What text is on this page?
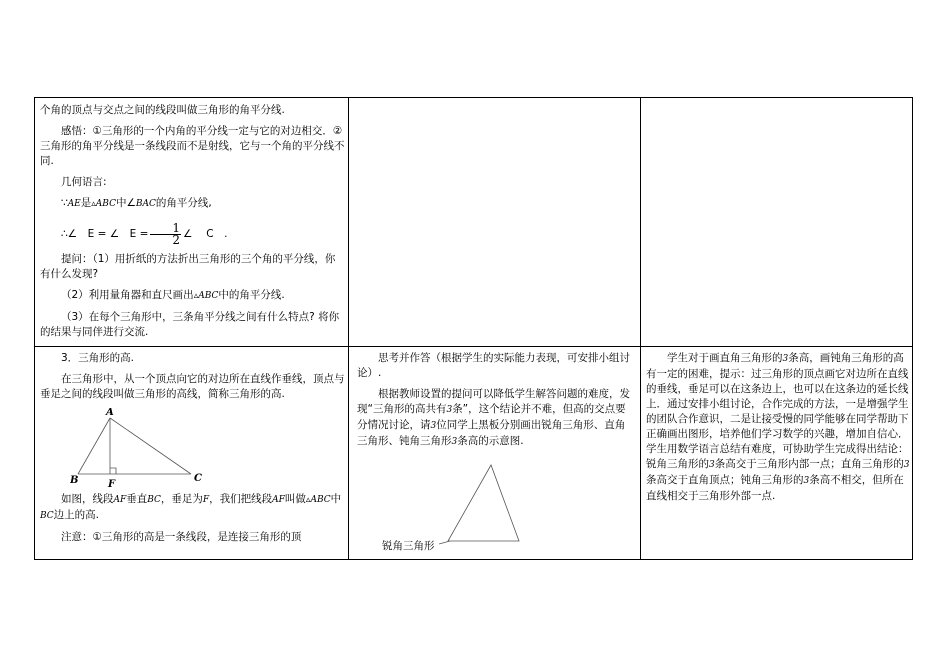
个角的顶点与交点之间的线段叫做三角形的角平分线.

感悟：①三角形的一个内角的平分线一定与它的对边相交．②三角形的角平分线是一条线段而不是射线，它与一个角的平分线不同.

几何语言:

∵AE是▵ABC中∠BAC的角平分线,

∴∠　E = ∠　$E = \frac{1}{2}$ ∠　 C　.

提问：（1）用折纸的方法折出三角形的三个角的平分线，你有什么发现?

（2）利用量角器和直尺画出▵ABC中的角平分线.

（3）在每个三角形中，三条角平分线之间有什么特点? 将你的结果与同伴进行交流.

3．三角形的高.

在三角形中，从一个顶点向它的对边所在直线作垂线，顶点与垂足之间的线段叫做三角形的高线，简称三角形的高.

A
B	C
F

如图，线段AF垂直BC，垂足为F，我们把线段AF叫做▵ABC中BC边上的高.

注意：①三角形的高是一条线段，是连接三角形的顶

思考并作答（根据学生的实际能力表现，可安排小组讨论）.

根据教师设置的提问可以降低学生解答问题的难度，发现“三角形的高共有3条”，这个结论并不难，但高的交点要分情况讨论，请3位同学上黑板分别画出锐角三角形、直角三角形、钝角三角形3条高的示意图.

锐角三角形

学生对于画直角三角形的3条高，画钝角三角形的高有一定的困难，提示：过三角形的顶点画它对边所在直线的垂线，垂足可以在这条边上，也可以在这条边的延长线上．通过安排小组讨论，合作完成的方法，一是增强学生的团队合作意识，二是让接受慢的同学能够在同学帮助下正确画出图形，培养他们学习数学的兴趣，增加自信心．学生用数学语言总结有难度，可协助学生完成得出结论：锐角三角形的3条高交于三角形内部一点；直角三角形的3条高交于直角顶点；钝角三角形的3条高不相交，但所在直线相交于三角形外部一点.
